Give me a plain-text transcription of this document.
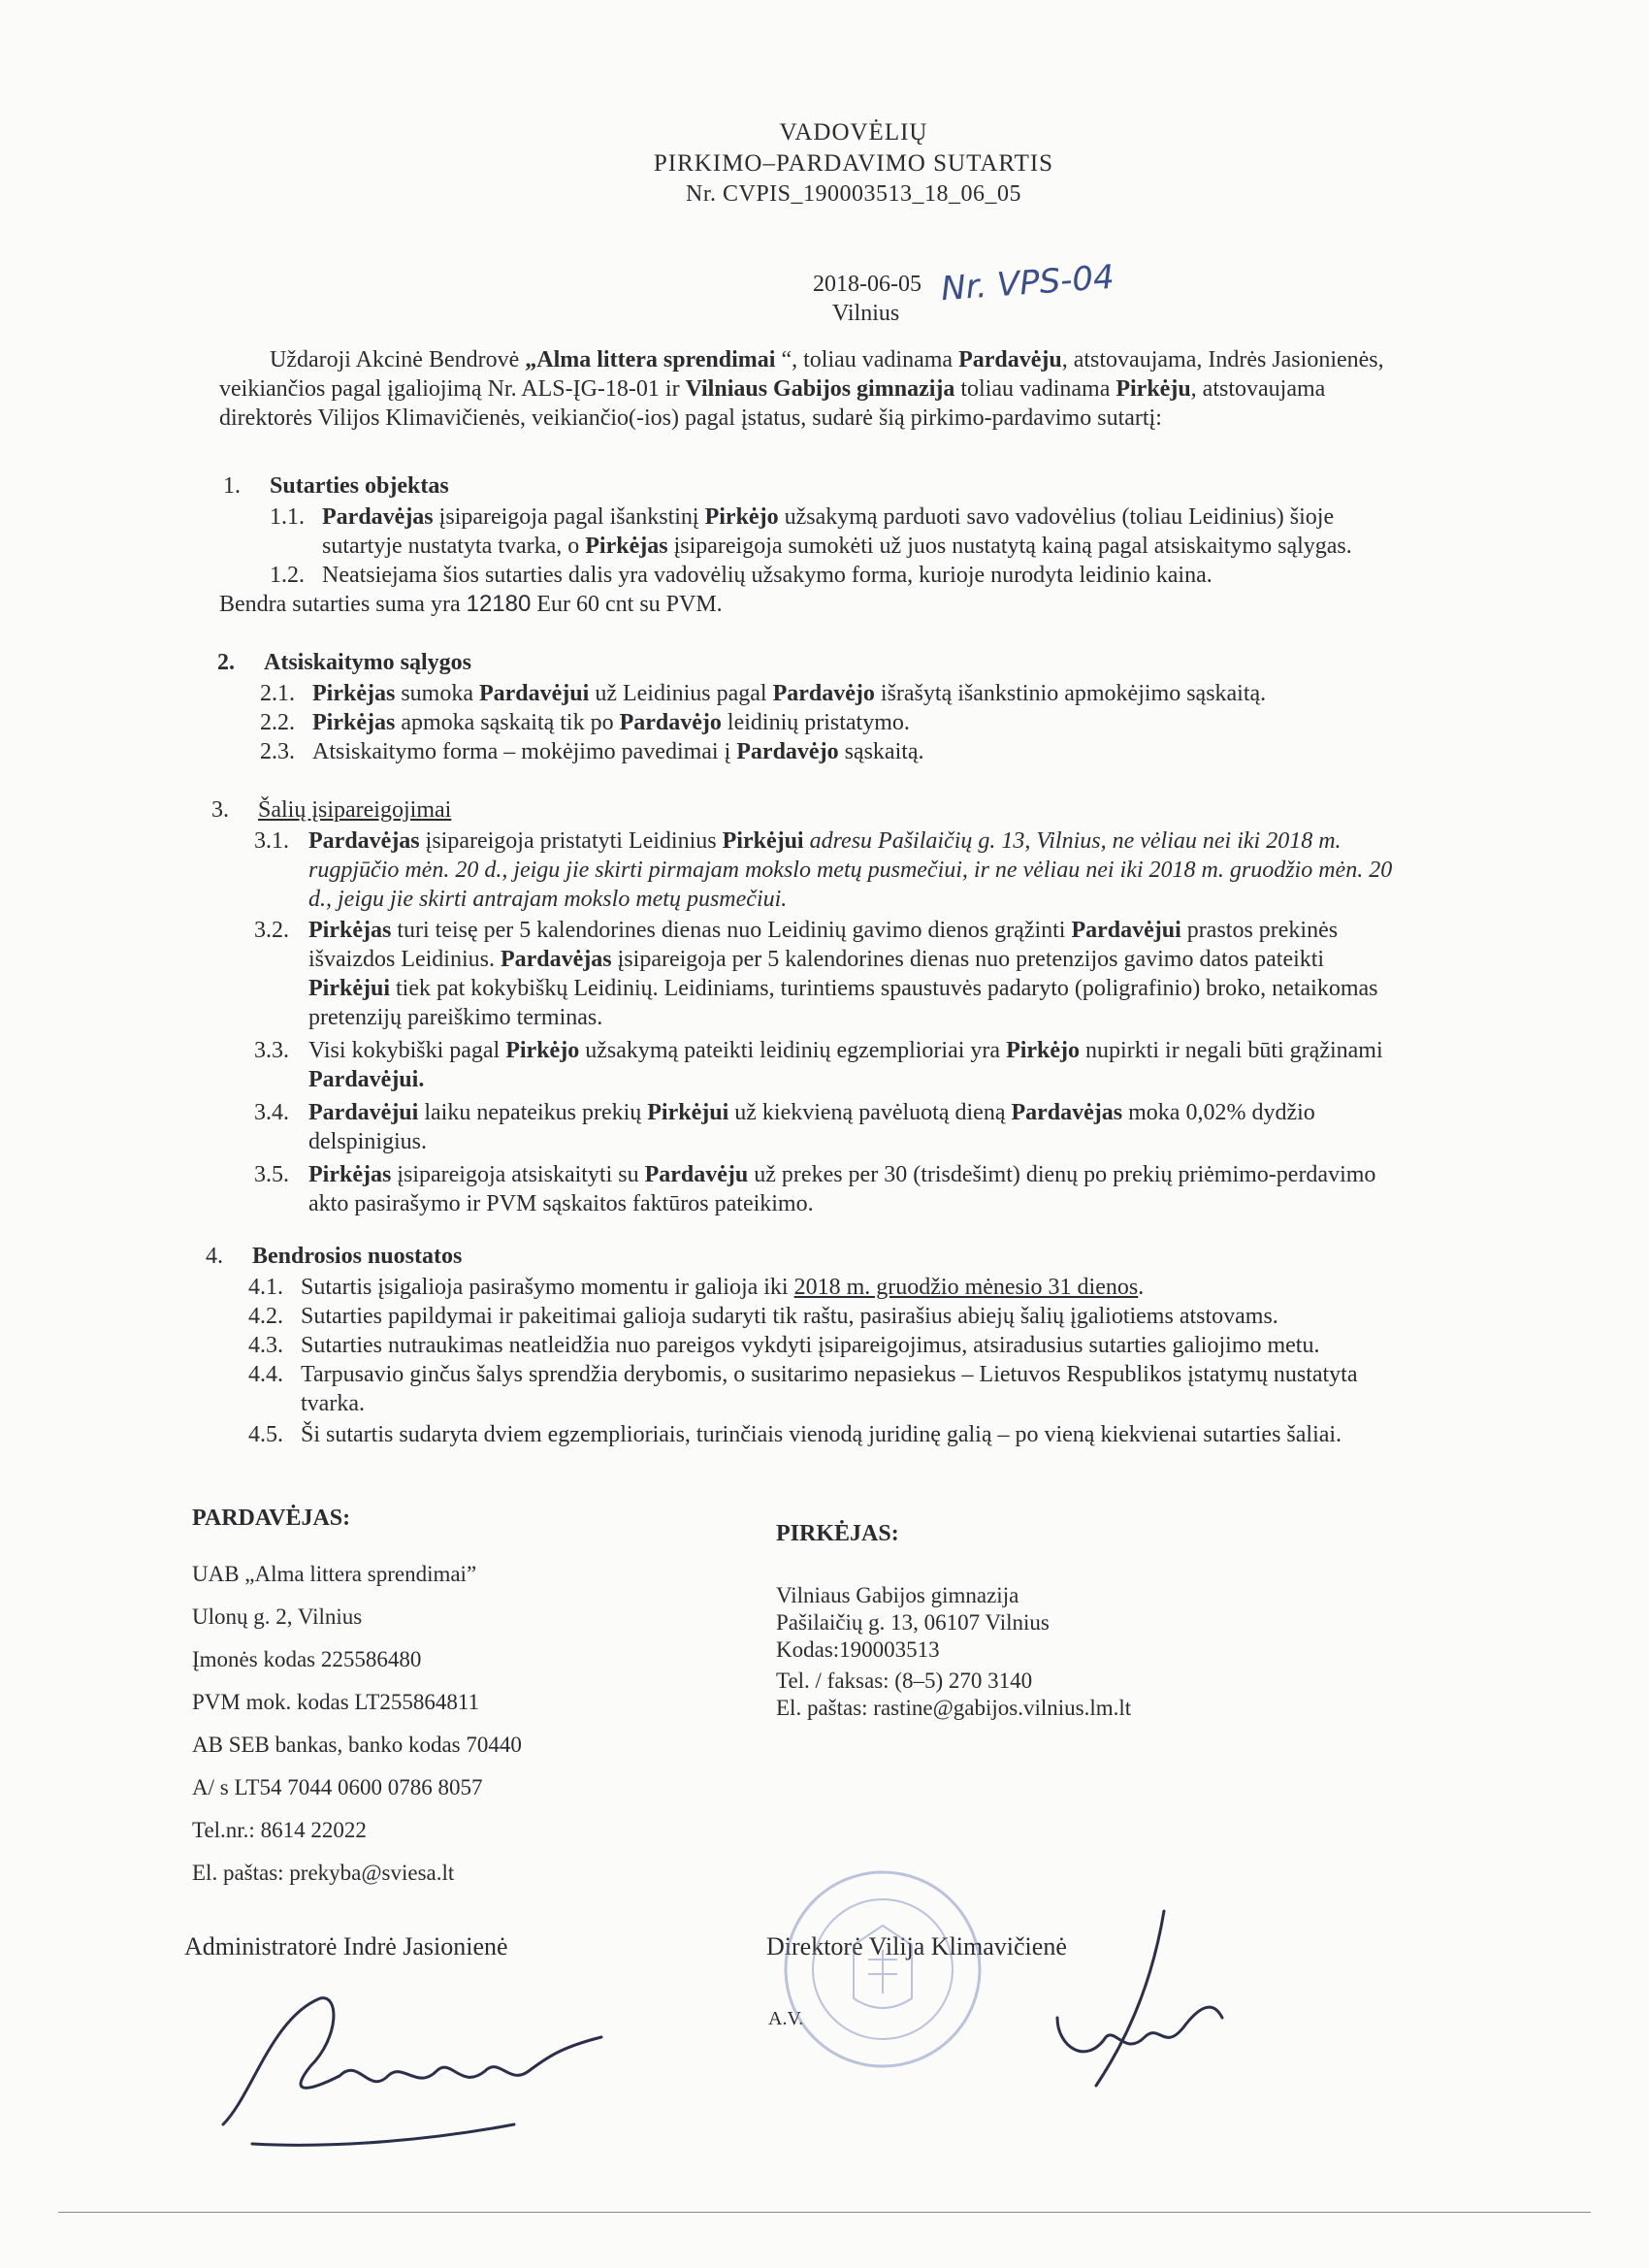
VADOVĖLIŲ
PIRKIMO–PARDAVIMO SUTARTIS
Nr. CVPIS_190003513_18_06_05
2018-06-05 Nr. VPS-04
Vilnius
Uždaroji Akcinė Bendrovė „Alma littera sprendimai “, toliau vadinama Pardavėju, atstovaujama, Indrės Jasionienės,
veikiančios pagal įgaliojimą Nr. ALS-ĮG-18-01 ir Vilniaus Gabijos gimnazija toliau vadinama Pirkėju, atstovaujama
direktorės Vilijos Klimavičienės, veikiančio(-ios) pagal įstatus, sudarė šią pirkimo-pardavimo sutartį:
1. Sutarties objektas
1.1. Pardavėjas įsipareigoja pagal išankstinį Pirkėjo užsakymą parduoti savo vadovėlius (toliau Leidinius) šioje
sutartyje nustatyta tvarka, o Pirkėjas įsipareigoja sumokėti už juos nustatytą kainą pagal atsiskaitymo sąlygas.
1.2. Neatsiejama šios sutarties dalis yra vadovėlių užsakymo forma, kurioje nurodyta leidinio kaina.
Bendra sutarties suma yra 12180 Eur 60 cnt su PVM.
2. Atsiskaitymo sąlygos
2.1. Pirkėjas sumoka Pardavėjui už Leidinius pagal Pardavėjo išrašytą išankstinio apmokėjimo sąskaitą.
2.2. Pirkėjas apmoka sąskaitą tik po Pardavėjo leidinių pristatymo.
2.3. Atsiskaitymo forma – mokėjimo pavedimai į Pardavėjo sąskaitą.
3. Šalių įsipareigojimai
3.1. Pardavėjas įsipareigoja pristatyti Leidinius Pirkėjui adresu Pašilaičių g. 13, Vilnius, ne vėliau nei iki 2018 m.
rugpjūčio mėn. 20 d., jeigu jie skirti pirmajam mokslo metų pusmečiui, ir ne vėliau nei iki 2018 m. gruodžio mėn. 20
d., jeigu jie skirti antrajam mokslo metų pusmečiui.
3.2. Pirkėjas turi teisę per 5 kalendorines dienas nuo Leidinių gavimo dienos grąžinti Pardavėjui prastos prekinės
išvaizdos Leidinius. Pardavėjas įsipareigoja per 5 kalendorines dienas nuo pretenzijos gavimo datos pateikti
Pirkėjui tiek pat kokybiškų Leidinių. Leidiniams, turintiems spaustuvės padaryto (poligrafinio) broko, netaikomas
pretenzijų pareiškimo terminas.
3.3. Visi kokybiški pagal Pirkėjo užsakymą pateikti leidinių egzemplioriai yra Pirkėjo nupirkti ir negali būti grąžinami
Pardavėjui.
3.4. Pardavėjui laiku nepateikus prekių Pirkėjui už kiekvieną pavėluotą dieną Pardavėjas moka 0,02% dydžio
delspinigius.
3.5. Pirkėjas įsipareigoja atsiskaityti su Pardavėju už prekes per 30 (trisdešimt) dienų po prekių priėmimo-perdavimo
akto pasirašymo ir PVM sąskaitos faktūros pateikimo.
4. Bendrosios nuostatos
4.1. Sutartis įsigalioja pasirašymo momentu ir galioja iki 2018 m. gruodžio mėnesio 31 dienos.
4.2. Sutarties papildymai ir pakeitimai galioja sudaryti tik raštu, pasirašius abiejų šalių įgaliotiems atstovams.
4.3. Sutarties nutraukimas neatleidžia nuo pareigos vykdyti įsipareigojimus, atsiradusius sutarties galiojimo metu.
4.4. Tarpusavio ginčus šalys sprendžia derybomis, o susitarimo nepasiekus – Lietuvos Respublikos įstatymų nustatyta
tvarka.
4.5. Ši sutartis sudaryta dviem egzemplioriais, turinčiais vienodą juridinę galią – po vieną kiekvienai sutarties šaliai.
PARDAVĖJAS:
UAB „Alma littera sprendimai”
Ulonų g. 2, Vilnius
Įmonės kodas 225586480
PVM mok. kodas LT255864811
AB SEB bankas, banko kodas 70440
A/ s LT54 7044 0600 0786 8057
Tel.nr.: 8614 22022
El. paštas: prekyba@sviesa.lt
Administratorė Indrė Jasionienė
PIRKĖJAS:
Vilniaus Gabijos gimnazija
Pašilaičių g. 13, 06107 Vilnius
Kodas:190003513
Tel. / faksas: (8–5) 270 3140
El. paštas: rastine@gabijos.vilnius.lm.lt
Direktorė Vilija Klimavičienė
A.V.
